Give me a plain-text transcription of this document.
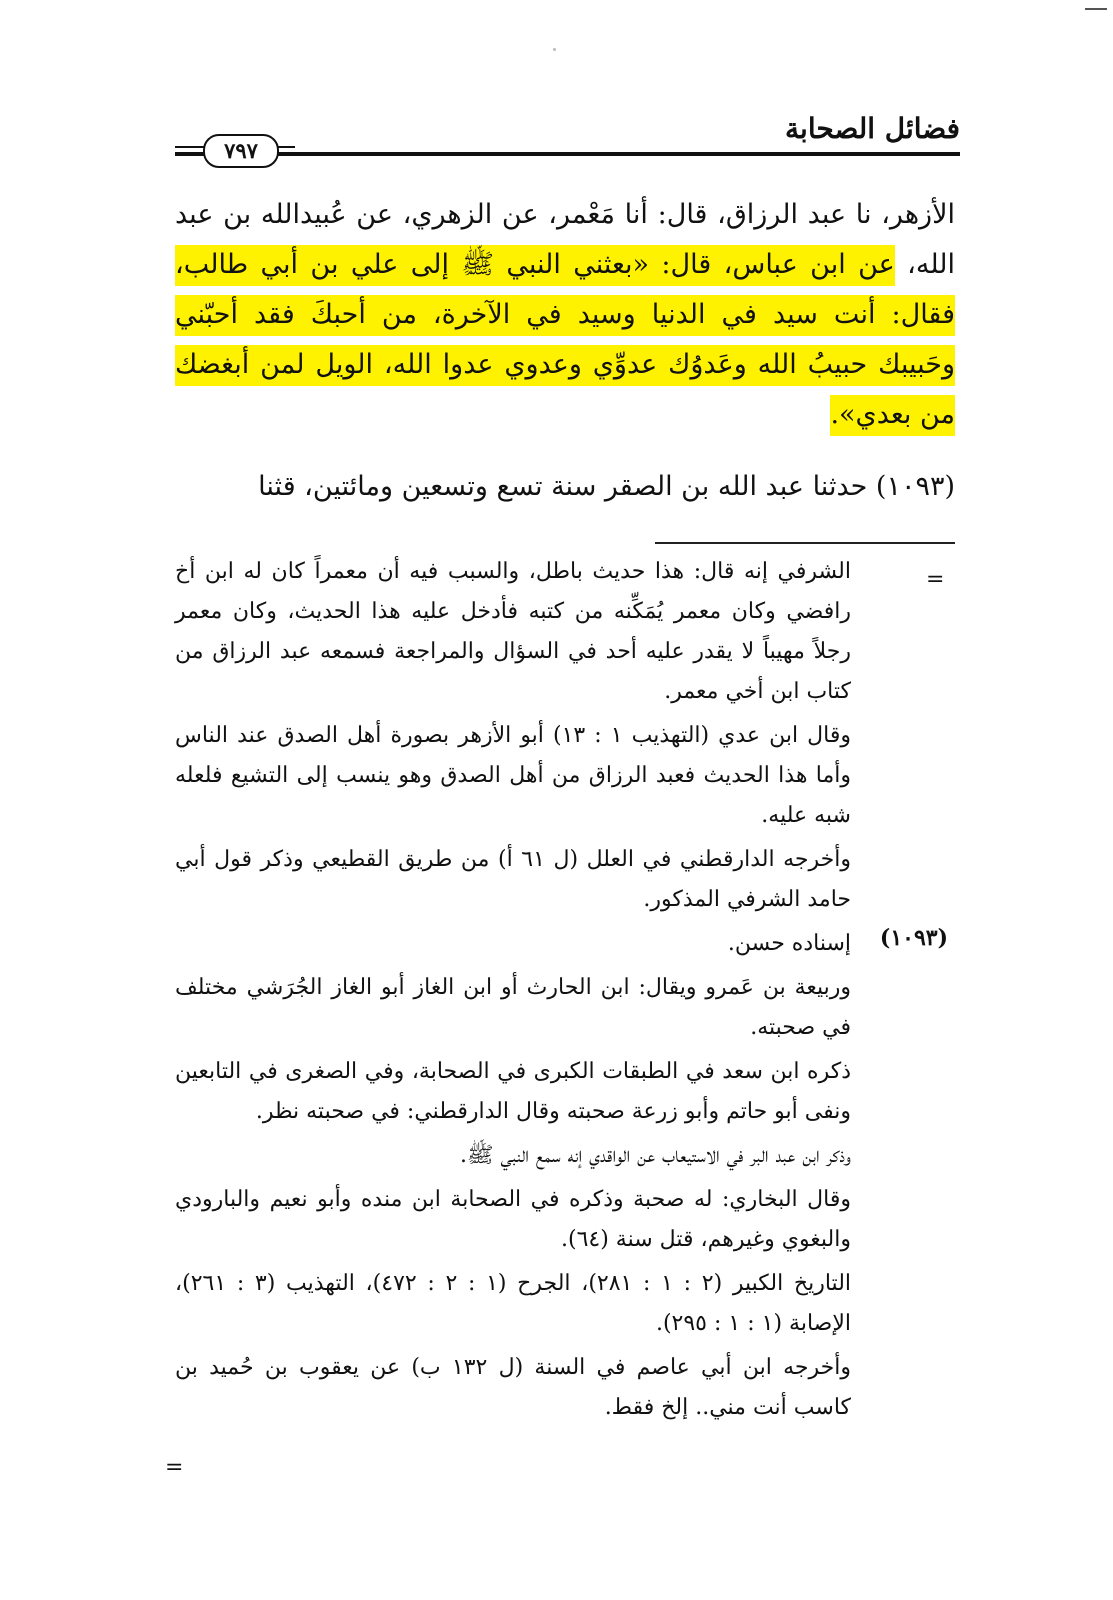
فضائل الصحابة
٧٩٧

الأزهر، نا عبد الرزاق، قال: أنا مَعْمر، عن الزهري، عن عُبيدالله بن عبد الله، عن ابن عباس، قال: «بعثني النبي ﷺ إلى علي بن أبي طالب، فقال: أنت سيد في الدنيا وسيد في الآخرة، من أحبكَ فقد أحبّني وحَبيبك حبيبُ الله وعَدوُك عدوِّي وعدوي عدوا الله، الويل لمن أبغضك من بعدي».

(١٠٩٣) حدثنا عبد الله بن الصقر سنة تسع وتسعين ومائتين، قثنا

=

الشرفي إنه قال: هذا حديث باطل، والسبب فيه أن معمراً كان له ابن أخ رافضي وكان معمر يُمَكِّنه من كتبه فأدخل عليه هذا الحديث، وكان معمر رجلاً مهيباً لا يقدر عليه أحد في السؤال والمراجعة فسمعه عبد الرزاق من كتاب ابن أخي معمر.

وقال ابن عدي (التهذيب ١ : ١٣) أبو الأزهر بصورة أهل الصدق عند الناس وأما هذا الحديث فعبد الرزاق من أهل الصدق وهو ينسب إلى التشيع فلعله شبه عليه.

وأخرجه الدارقطني في العلل (ل ٦١ أ) من طريق القطيعي وذكر قول أبي حامد الشرفي المذكور.

إسناده حسن.

وربيعة بن عَمرو ويقال: ابن الحارث أو ابن الغاز أبو الغاز الجُرَشي مختلف في صحبته.

ذكره ابن سعد في الطبقات الكبرى في الصحابة، وفي الصغرى في التابعين ونفى أبو حاتم وأبو زرعة صحبته وقال الدارقطني: في صحبته نظر.

وذكر ابن عبد البر في الاستيعاب عن الواقدي إنه سمع النبي ﷺ.

وقال البخاري: له صحبة وذكره في الصحابة ابن منده وأبو نعيم والبارودي والبغوي وغيرهم، قتل سنة (٦٤).

التاريخ الكبير (٢ : ١ : ٢٨١)، الجرح (١ : ٢ : ٤٧٢)، التهذيب (٣ : ٢٦١)، الإصابة (١ : ١ : ٢٩٥).

وأخرجه ابن أبي عاصم في السنة (ل ١٣٢ ب) عن يعقوب بن حُميد بن كاسب أنت مني.. إلخ فقط.

(١٠٩٣)
=
